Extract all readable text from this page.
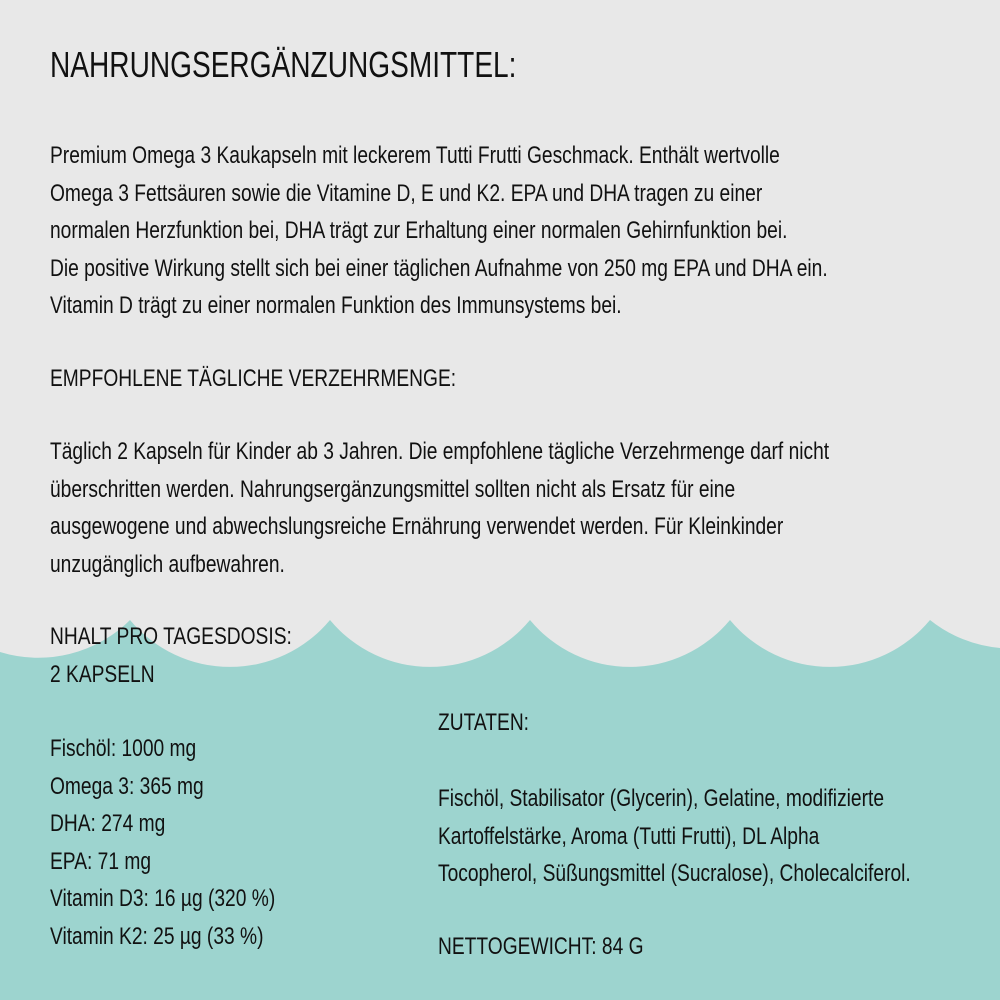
NAHRUNGSERGÄNZUNGSMITTEL:
Premium Omega 3 Kaukapseln mit leckerem Tutti Frutti Geschmack. Enthält wertvolle
Omega 3 Fettsäuren sowie die Vitamine D, E und K2. EPA und DHA tragen zu einer
normalen Herzfunktion bei, DHA trägt zur Erhaltung einer normalen Gehirnfunktion bei.
Die positive Wirkung stellt sich bei einer täglichen Aufnahme von 250 mg EPA und DHA ein.
Vitamin D trägt zu einer normalen Funktion des Immunsystems bei.
EMPFOHLENE TÄGLICHE VERZEHRMENGE:
Täglich 2 Kapseln für Kinder ab 3 Jahren. Die empfohlene tägliche Verzehrmenge darf nicht
überschritten werden. Nahrungsergänzungsmittel sollten nicht als Ersatz für eine
ausgewogene und abwechslungsreiche Ernährung verwendet werden. Für Kleinkinder
unzugänglich aufbewahren.
NHALT PRO TAGESDOSIS:
2 KAPSELN
Fischöl: 1000 mg
Omega 3: 365 mg
DHA: 274 mg
EPA: 71 mg
Vitamin D3: 16 µg (320 %)
Vitamin K2: 25 µg (33 %)
ZUTATEN:
Fischöl, Stabilisator (Glycerin), Gelatine, modifizierte
Kartoffelstärke, Aroma (Tutti Frutti), DL Alpha
Tocopherol, Süßungsmittel (Sucralose), Cholecalciferol.
NETTOGEWICHT: 84 G
